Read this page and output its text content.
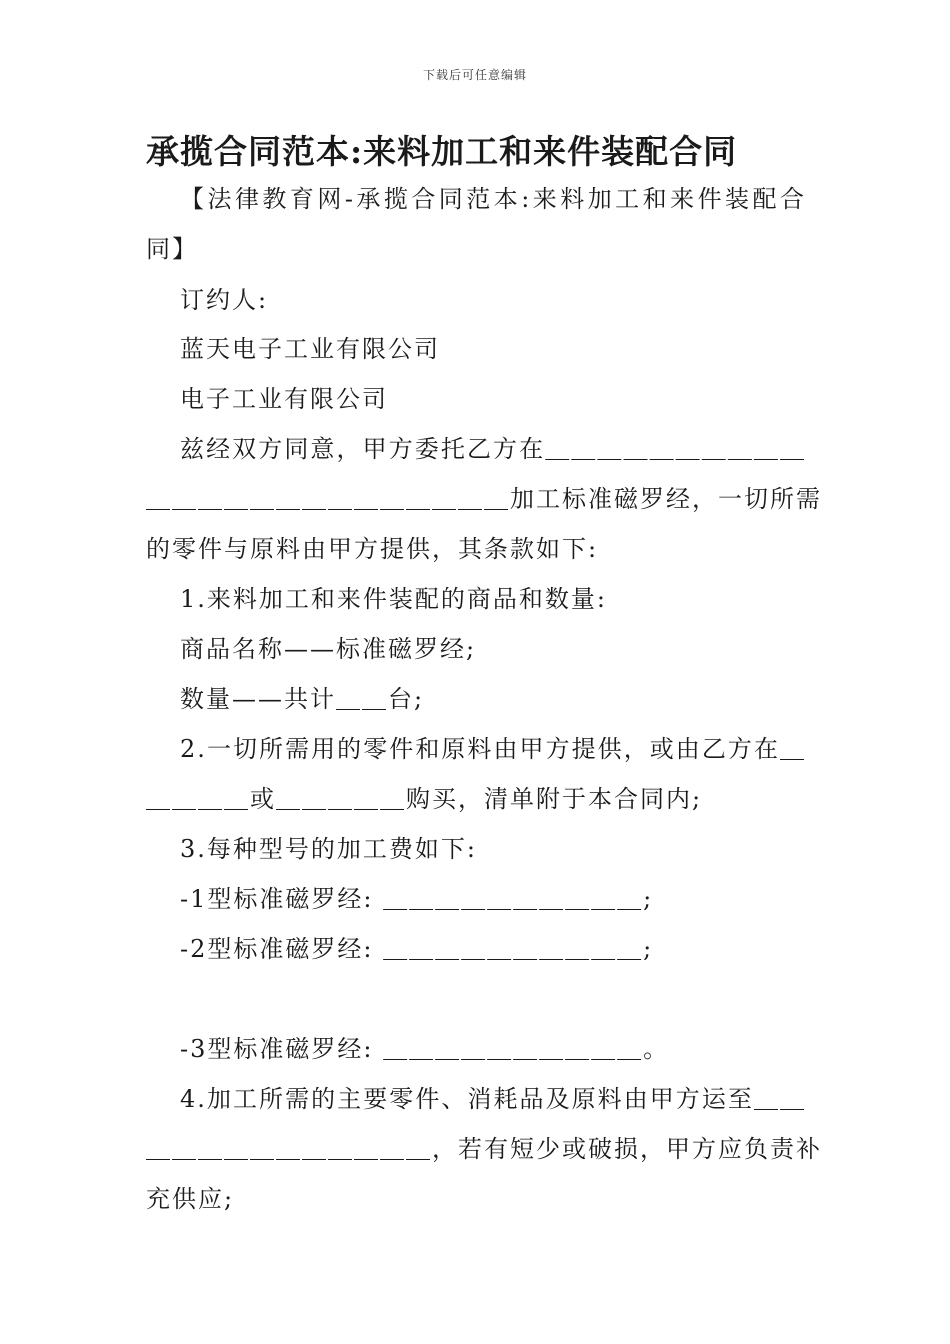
下载后可任意编辑
承揽合同范本:来料加工和来件装配合同
【法律教育网-承揽合同范本:来料加工和来件装配合
同】
订约人:
蓝天电子工业有限公司
电子工业有限公司
兹经双方同意，甲方委托乙方在＿＿＿＿＿＿＿＿＿＿
＿＿＿＿＿＿＿＿＿＿＿＿＿＿加工标准磁罗经，一切所需
的零件与原料由甲方提供，其条款如下:
1.来料加工和来件装配的商品和数量:
商品名称——标准磁罗经;
数量——共计＿＿台;
2.一切所需用的零件和原料由甲方提供，或由乙方在＿
＿＿＿＿或＿＿＿＿＿购买，清单附于本合同内;
3.每种型号的加工费如下:
-1型标准磁罗经: ＿＿＿＿＿＿＿＿＿＿;
-2型标准磁罗经: ＿＿＿＿＿＿＿＿＿＿;
-3型标准磁罗经: ＿＿＿＿＿＿＿＿＿＿。
4.加工所需的主要零件、消耗品及原料由甲方运至＿＿
＿＿＿＿＿＿＿＿＿＿＿，若有短少或破损，甲方应负责补
充供应;
